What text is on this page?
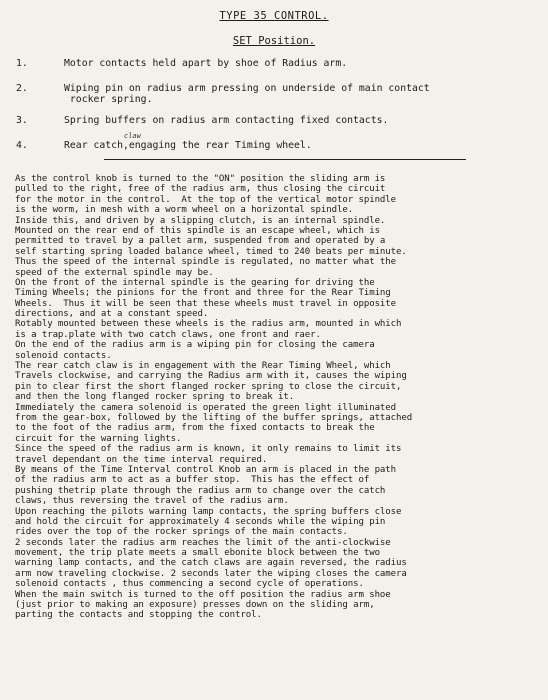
TYPE 35 CONTROL.
SET Position.
1.	Motor contacts held apart by shoe of Radius arm.
2.	Wiping pin on radius arm pressing on underside of main contact
rocker spring.
3.	Spring buffers on radius arm contacting fixed contacts.
4.	Rear catch,engaging the rear Timing wheel.
claw
As the control knob is turned to the "ON" position the sliding arm is
pulled to the right, free of the radius arm, thus closing the circuit
for the motor in the control.  At the top of the vertical motor spindle
is the worm, in mesh with a worm wheel on a horizontal spindle.
Inside this, and driven by a slipping clutch, is an internal spindle.
Mounted on the rear end of this spindle is an escape wheel, which is
permitted to travel by a pallet arm, suspended from and operated by a
self starting spring loaded balance wheel, timed to 240 beats per minute.
Thus the speed of the internal spindle is regulated, no matter what the
speed of the external spindle may be.
On the front of the internal spindle is the gearing for driving the
Timing Wheels; the pinions for the front and three for the Rear Timing
Wheels.  Thus it will be seen that these wheels must travel in opposite
directions, and at a constant speed.
Rotably mounted between these wheels is the radius arm, mounted in which
is a trap.plate with two catch claws, one front and raer.
On the end of the radius arm is a wiping pin for closing the camera
solenoid contacts.
The rear catch claw is in engagement with the Rear Timing Wheel, which
Travels clockwise, and carrying the Radius arm with it, causes the wiping
pin to clear first the short flanged rocker spring to close the circuit,
and then the long flanged rocker spring to break it.
Immediately the camera solenoid is operated the green light illuminated
from the gear-box, followed by the lifting of the buffer springs, attached
to the foot of the radius arm, from the fixed contacts to break the
circuit for the warning lights.
Since the speed of the radius arm is known, it only remains to limit its
travel dependant on the time interval required.
By means of the Time Interval control Knob an arm is placed in the path
of the radius arm to act as a buffer stop.  This has the effect of
pushing thetrip plate through the radius arm to change over the catch
claws, thus reversing the travel of the radius arm.
Upon reaching the pilots warning lamp contacts, the spring buffers close
and hold the circuit for approximately 4 seconds while the wiping pin
rides over the top of the rocker springs of the main contacts.
2 seconds later the radius arm reaches the limit of the anti-clockwise
movement, the trip plate meets a small ebonite block between the two
warning lamp contacts, and the catch claws are again reversed, the radius
arm now traveling clockwise. 2 seconds later the wiping closes the camera
solenoid contacts , thus commencing a second cycle of operations.
When the main switch is turned to the off position the radius arm shoe
(just prior to making an exposure) presses down on the sliding arm,
parting the contacts and stopping the control.
